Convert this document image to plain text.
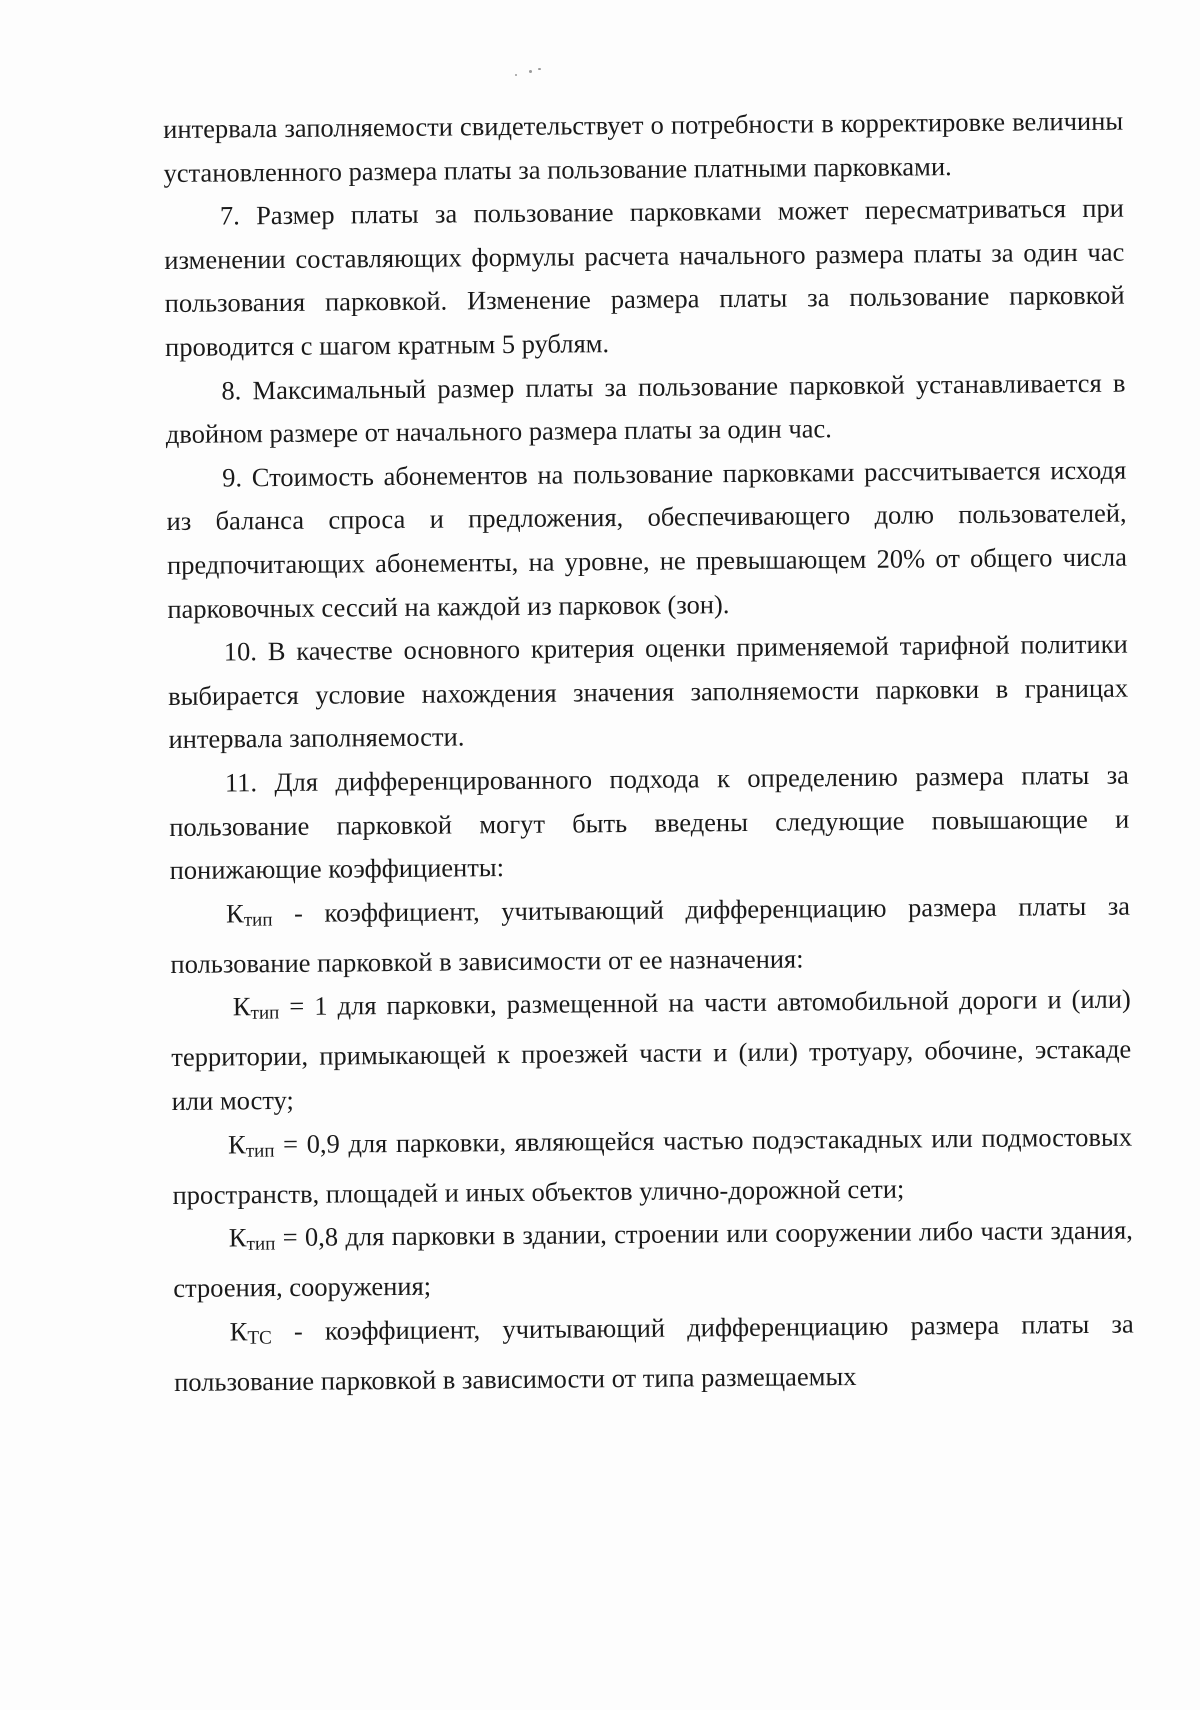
интервала заполняемости свидетельствует о потребности в корректировке величины установленного размера платы за пользование платными парковками.

7. Размер платы за пользование парковками может пересматриваться при изменении составляющих формулы расчета начального размера платы за один час пользования парковкой. Изменение размера платы за пользование парковкой проводится с шагом кратным 5 рублям.

8. Максимальный размер платы за пользование парковкой устанавливается в двойном размере от начального размера платы за один час.

9. Стоимость абонементов на пользование парковками рассчитывается исходя из баланса спроса и предложения, обеспечивающего долю пользователей, предпочитающих абонементы, на уровне, не превышающем 20% от общего числа парковочных сессий на каждой из парковок (зон).

10. В качестве основного критерия оценки применяемой тарифной политики выбирается условие нахождения значения заполняемости парковки в границах интервала заполняемости.

11. Для дифференцированного подхода к определению размера платы за пользование парковкой могут быть введены следующие повышающие и понижающие коэффициенты:

Ктип - коэффициент, учитывающий дифференциацию размера платы за пользование парковкой в зависимости от ее назначения:

Ктип = 1 для парковки, размещенной на части автомобильной дороги и (или) территории, примыкающей к проезжей части и (или) тротуару, обочине, эстакаде или мосту;

Ктип = 0,9 для парковки, являющейся частью подэстакадных или подмостовых пространств, площадей и иных объектов улично-дорожной сети;

Ктип = 0,8 для парковки в здании, строении или сооружении либо части здания, строения, сооружения;

КТС - коэффициент, учитывающий дифференциацию размера платы за пользование парковкой в зависимости от типа размещаемых
